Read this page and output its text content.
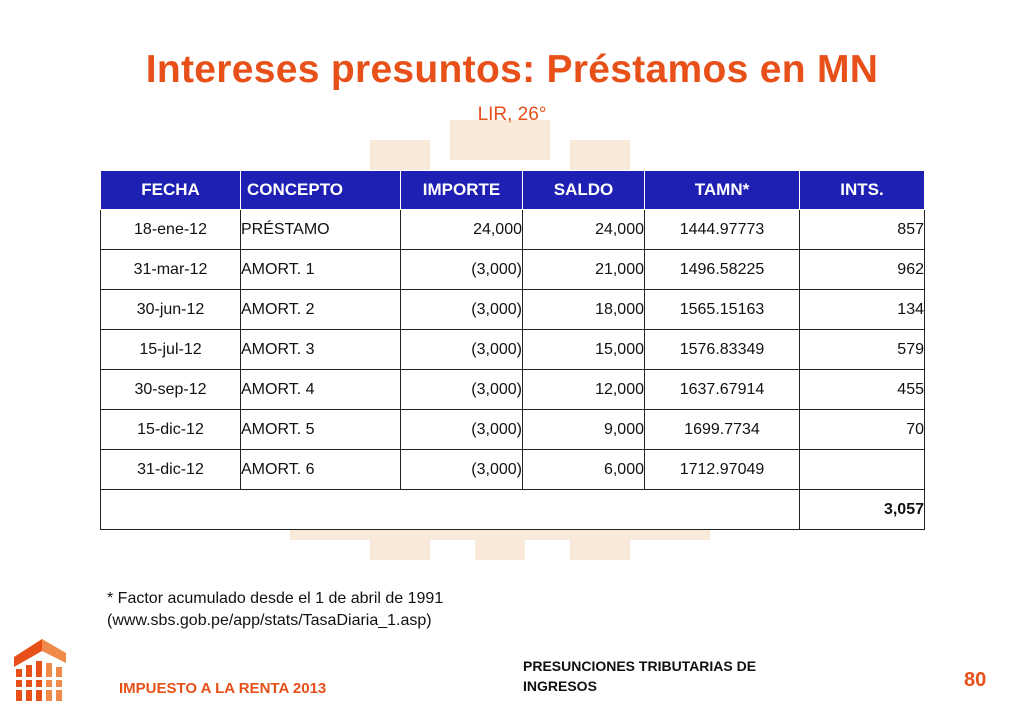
Intereses presuntos: Préstamos en MN
LIR, 26°
FECHA	CONCEPTO	IMPORTE	SALDO	TAMN*	INTS.
18-ene-12	PRÉSTAMO	24,000	24,000	1444.97773	857
31-mar-12	AMORT. 1	(3,000)	21,000	1496.58225	962
30-jun-12	AMORT. 2	(3,000)	18,000	1565.15163	134
15-jul-12	AMORT. 3	(3,000)	15,000	1576.83349	579
30-sep-12	AMORT. 4	(3,000)	12,000	1637.67914	455
15-dic-12	AMORT. 5	(3,000)	9,000	1699.7734	70
31-dic-12	AMORT. 6	(3,000)	6,000	1712.97049	
					3,057
* Factor acumulado desde el 1 de abril de 1991
(www.sbs.gob.pe/app/stats/TasaDiaria_1.asp)
IMPUESTO A LA RENTA 2013
PRESUNCIONES TRIBUTARIAS DE
INGRESOS	80
